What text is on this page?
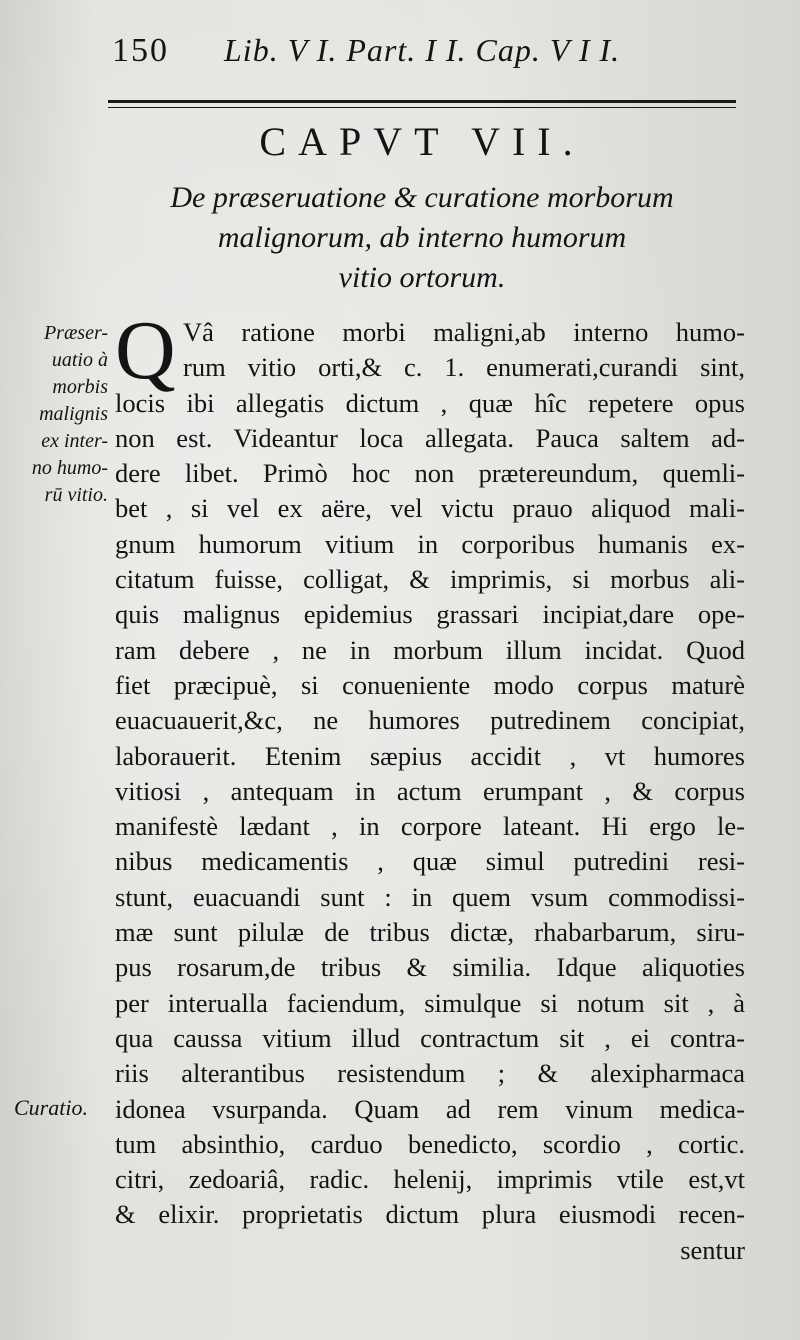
150 Lib. V I. Part. I I. Cap. V I I.
CAPVT VII.
De præseruatione & curatione morborum
malignorum, ab interno humorum
vitio ortorum.
Præser-
uatio à
morbis
malignis
ex inter-
no humo-
rū vitio.
Curatio.
Q Vâ ratione morbi maligni,ab interno humo-
rum vitio orti,& c. 1. enumerati,curandi sint,
locis ibi allegatis dictum , quæ hîc repetere opus
non est. Videantur loca allegata. Pauca saltem ad-
dere libet. Primò hoc non prætereundum, quemli-
bet , si vel ex aëre, vel victu prauo aliquod mali-
gnum humorum vitium in corporibus humanis ex-
citatum fuisse, colligat, & imprimis, si morbus ali-
quis malignus epidemius grassari incipiat,dare ope-
ram debere , ne in morbum illum incidat. Quod
fiet præcipuè, si conueniente modo corpus maturè
euacuauerit,&c, ne humores putredinem concipiat,
laborauerit. Etenim sæpius accidit , vt humores
vitiosi , antequam in actum erumpant , & corpus
manifestè lædant , in corpore lateant. Hi ergo le-
nibus medicamentis , quæ simul putredini resi-
stunt, euacuandi sunt : in quem vsum commodissi-
mæ sunt pilulæ de tribus dictæ, rhabarbarum, siru-
pus rosarum,de tribus & similia. Idque aliquoties
per interualla faciendum, simulque si notum sit , à
qua caussa vitium illud contractum sit , ei contra-
riis alterantibus resistendum ; & alexipharmaca
idonea vsurpanda. Quam ad rem vinum medica-
tum absinthio, carduo benedicto, scordio , cortic.
citri, zedoariâ, radic. helenij, imprimis vtile est,vt
& elixir. proprietatis dictum plura eiusmodi recen-
sentur
